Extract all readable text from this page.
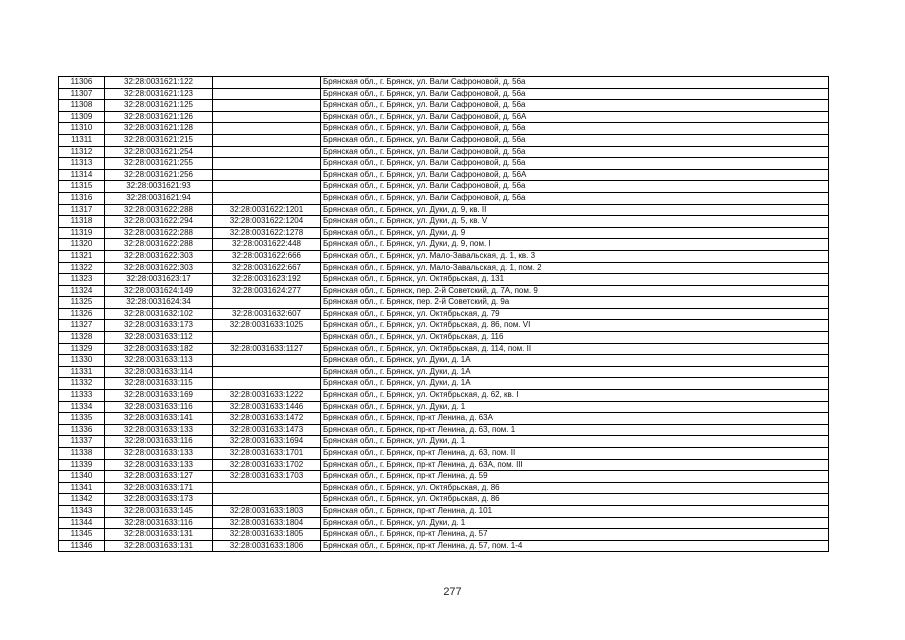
11306	32:28:0031621:122		Брянская обл., г. Брянск, ул. Вали Сафроновой, д. 56а
11307	32:28:0031621:123		Брянская обл., г. Брянск, ул. Вали Сафроновой, д. 56а
11308	32:28:0031621:125		Брянская обл., г. Брянск, ул. Вали Сафроновой, д. 56а
11309	32:28:0031621:126		Брянская обл., г. Брянск, ул. Вали Сафроновой, д. 56А
11310	32:28:0031621:128		Брянская обл., г. Брянск, ул. Вали Сафроновой, д. 56а
11311	32:28:0031621:215		Брянская обл., г. Брянск, ул. Вали Сафроновой, д. 56а
11312	32:28:0031621:254		Брянская обл., г. Брянск, ул. Вали Сафроновой, д. 56а
11313	32:28:0031621:255		Брянская обл., г. Брянск, ул. Вали Сафроновой, д. 56а
11314	32:28:0031621:256		Брянская обл., г. Брянск, ул. Вали Сафроновой, д. 56А
11315	32:28:0031621:93		Брянская обл., г. Брянск, ул. Вали Сафроновой, д. 56а
11316	32:28:0031621:94		Брянская обл., г. Брянск, ул. Вали Сафроновой, д. 56а
11317	32:28:0031622:288	32:28:0031622:1201	Брянская обл., г. Брянск, ул. Дуки, д. 9, кв. II
11318	32:28:0031622:294	32:28:0031622:1204	Брянская обл., г. Брянск, ул. Дуки, д. 5, кв. V
11319	32:28:0031622:288	32:28:0031622:1278	Брянская обл., г. Брянск, ул. Дуки, д. 9
11320	32:28:0031622:288	32:28:0031622:448	Брянская обл., г. Брянск, ул. Дуки, д. 9, пом. I
11321	32:28:0031622:303	32:28:0031622:666	Брянская обл., г. Брянск, ул. Мало-Завальская, д. 1, кв. 3
11322	32:28:0031622:303	32:28:0031622:667	Брянская обл., г. Брянск, ул. Мало-Завальская, д. 1, пом. 2
11323	32:28:0031623:17	32:28:0031623:192	Брянская обл., г. Брянск, ул. Октябрьская, д. 131
11324	32:28:0031624:149	32:28:0031624:277	Брянская обл., г. Брянск, пер. 2-й Советский, д. 7А, пом. 9
11325	32:28:0031624:34		Брянская обл., г. Брянск, пер. 2-й Советский, д. 9а
11326	32:28:0031632:102	32:28:0031632:607	Брянская обл., г. Брянск, ул. Октябрьская, д. 79
11327	32:28:0031633:173	32:28:0031633:1025	Брянская обл., г. Брянск, ул. Октябрьская, д. 86, пом. VI
11328	32:28:0031633:112		Брянская обл., г. Брянск, ул. Октябрьская, д. 116
11329	32:28:0031633:182	32:28:0031633:1127	Брянская обл., г. Брянск, ул. Октябрьская, д. 114, пом. II
11330	32:28:0031633:113		Брянская обл., г. Брянск, ул. Дуки, д. 1А
11331	32:28:0031633:114		Брянская обл., г. Брянск, ул. Дуки, д. 1А
11332	32:28:0031633:115		Брянская обл., г. Брянск, ул. Дуки, д. 1А
11333	32:28:0031633:169	32:28:0031633:1222	Брянская обл., г. Брянск, ул. Октябрьская, д. 62, кв. I
11334	32:28:0031633:116	32:28:0031633:1446	Брянская обл., г. Брянск, ул. Дуки, д. 1
11335	32:28:0031633:141	32:28:0031633:1472	Брянская обл., г. Брянск, пр-кт Ленина, д. 63А
11336	32:28:0031633:133	32:28:0031633:1473	Брянская обл., г. Брянск, пр-кт Ленина, д. 63, пом. 1
11337	32:28:0031633:116	32:28:0031633:1694	Брянская обл., г. Брянск, ул. Дуки, д. 1
11338	32:28:0031633:133	32:28:0031633:1701	Брянская обл., г. Брянск, пр-кт Ленина, д. 63, пом. II
11339	32:28:0031633:133	32:28:0031633:1702	Брянская обл., г. Брянск, пр-кт Ленина, д. 63А, пом. III
11340	32:28:0031633:127	32:28:0031633:1703	Брянская обл., г. Брянск, пр-кт Ленина, д. 59
11341	32:28:0031633:171		Брянская обл., г. Брянск, ул. Октябрьская, д. 86
11342	32:28:0031633:173		Брянская обл., г. Брянск, ул. Октябрьская, д. 86
11343	32:28:0031633:145	32:28:0031633:1803	Брянская обл., г. Брянск, пр-кт Ленина, д. 101
11344	32:28:0031633:116	32:28:0031633:1804	Брянская обл., г. Брянск, ул. Дуки, д. 1
11345	32:28:0031633:131	32:28:0031633:1805	Брянская обл., г. Брянск, пр-кт Ленина, д. 57
11346	32:28:0031633:131	32:28:0031633:1806	Брянская обл., г. Брянск, пр-кт Ленина, д. 57, пом. 1-4
277
